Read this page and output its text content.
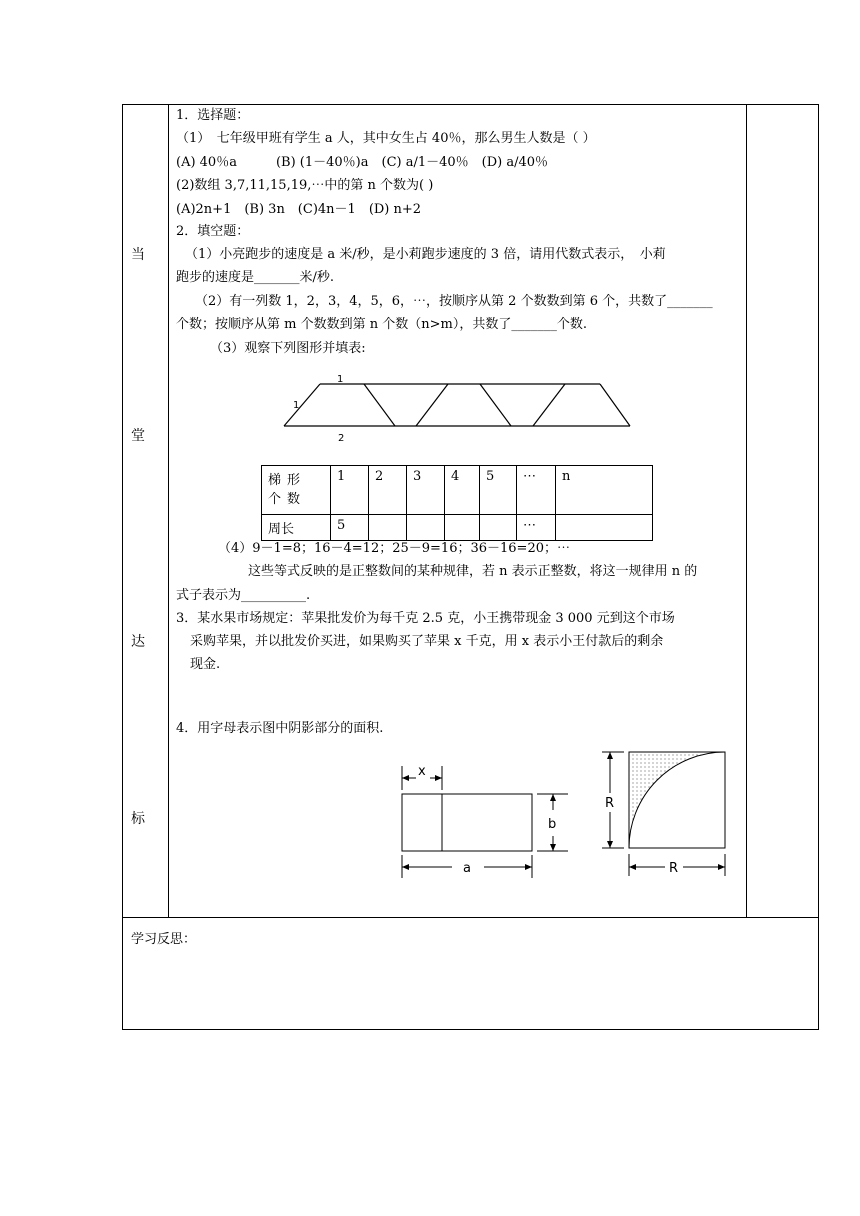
当
堂
达
标
1．选择题：
（1）　七年级甲班有学生 a 人，其中女生占 40％，那么男生人数是（ ）
(A) 40％a　　　(B) (1－40％)a　(C) a/1－40％　(D) a/40％
(2)数组 3,7,11,15,19,⋯中的第 n 个数为( )
(A)2n+1　(B) 3n　(C)4n－1　(D) n+2
2．填空题：
（1）小亮跑步的速度是 a 米/秒，是小莉跑步速度的 3 倍，请用代数式表示，　小莉
跑步的速度是_______米/秒.
（2）有一列数 1，2，3，4，5，6，⋯，按顺序从第 2 个数数到第 6 个，共数了_______
个数；按顺序从第 m 个数数到第 n 个数（n>m），共数了_______个数.
（3）观察下列图形并填表:
1
1
2
梯形个数	1	2	3	4	5	⋯	n
周长	5					⋯	
（4）9－1=8；16－4=12；25－9=16；36－16=20；⋯
这些等式反映的是正整数间的某种规律，若 n 表示正整数，将这一规律用 n 的
式子表示为__________.
3．某水果市场规定：苹果批发价为每千克 2.5 克，小王携带现金 3 000 元到这个市场
采购苹果，并以批发价买进，如果购买了苹果 x 千克，用 x 表示小王付款后的剩余
现金.
4．用字母表示图中阴影部分的面积.
x
a
b
R
R
学习反思：
